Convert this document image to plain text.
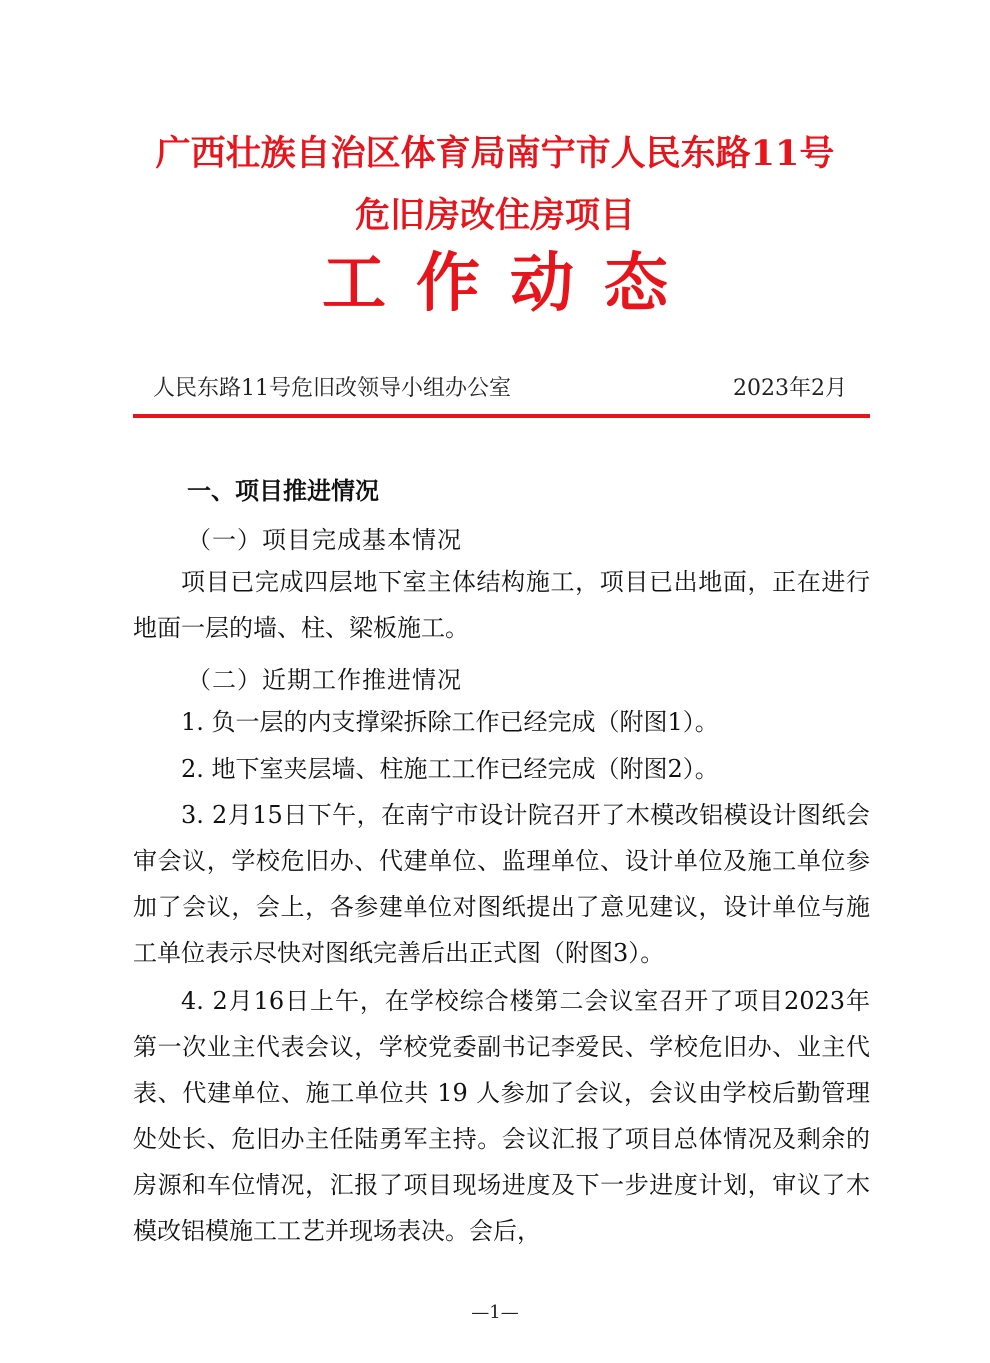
广西壮族自治区体育局南宁市人民东路11号
危旧房改住房项目
工作动态
人民东路11号危旧改领导小组办公室	2023年2月
一、项目推进情况
（一）项目完成基本情况

项目已完成四层地下室主体结构施工，项目已出地面，正在进行地面一层的墙、柱、梁板施工。

（二）近期工作推进情况

1. 负一层的内支撑梁拆除工作已经完成（附图1）。

2. 地下室夹层墙、柱施工工作已经完成（附图2）。

3. 2月15日下午，在南宁市设计院召开了木模改铝模设计图纸会审会议，学校危旧办、代建单位、监理单位、设计单位及施工单位参加了会议，会上，各参建单位对图纸提出了意见建议，设计单位与施工单位表示尽快对图纸完善后出正式图（附图3）。

4. 2月16日上午，在学校综合楼第二会议室召开了项目2023年第一次业主代表会议，学校党委副书记李爱民、学校危旧办、业主代表、代建单位、施工单位共 19 人参加了会议，会议由学校后勤管理处处长、危旧办主任陆勇军主持。会议汇报了项目总体情况及剩余的房源和车位情况，汇报了项目现场进度及下一步进度计划，审议了木模改铝模施工工艺并现场表决。会后，

—1—
